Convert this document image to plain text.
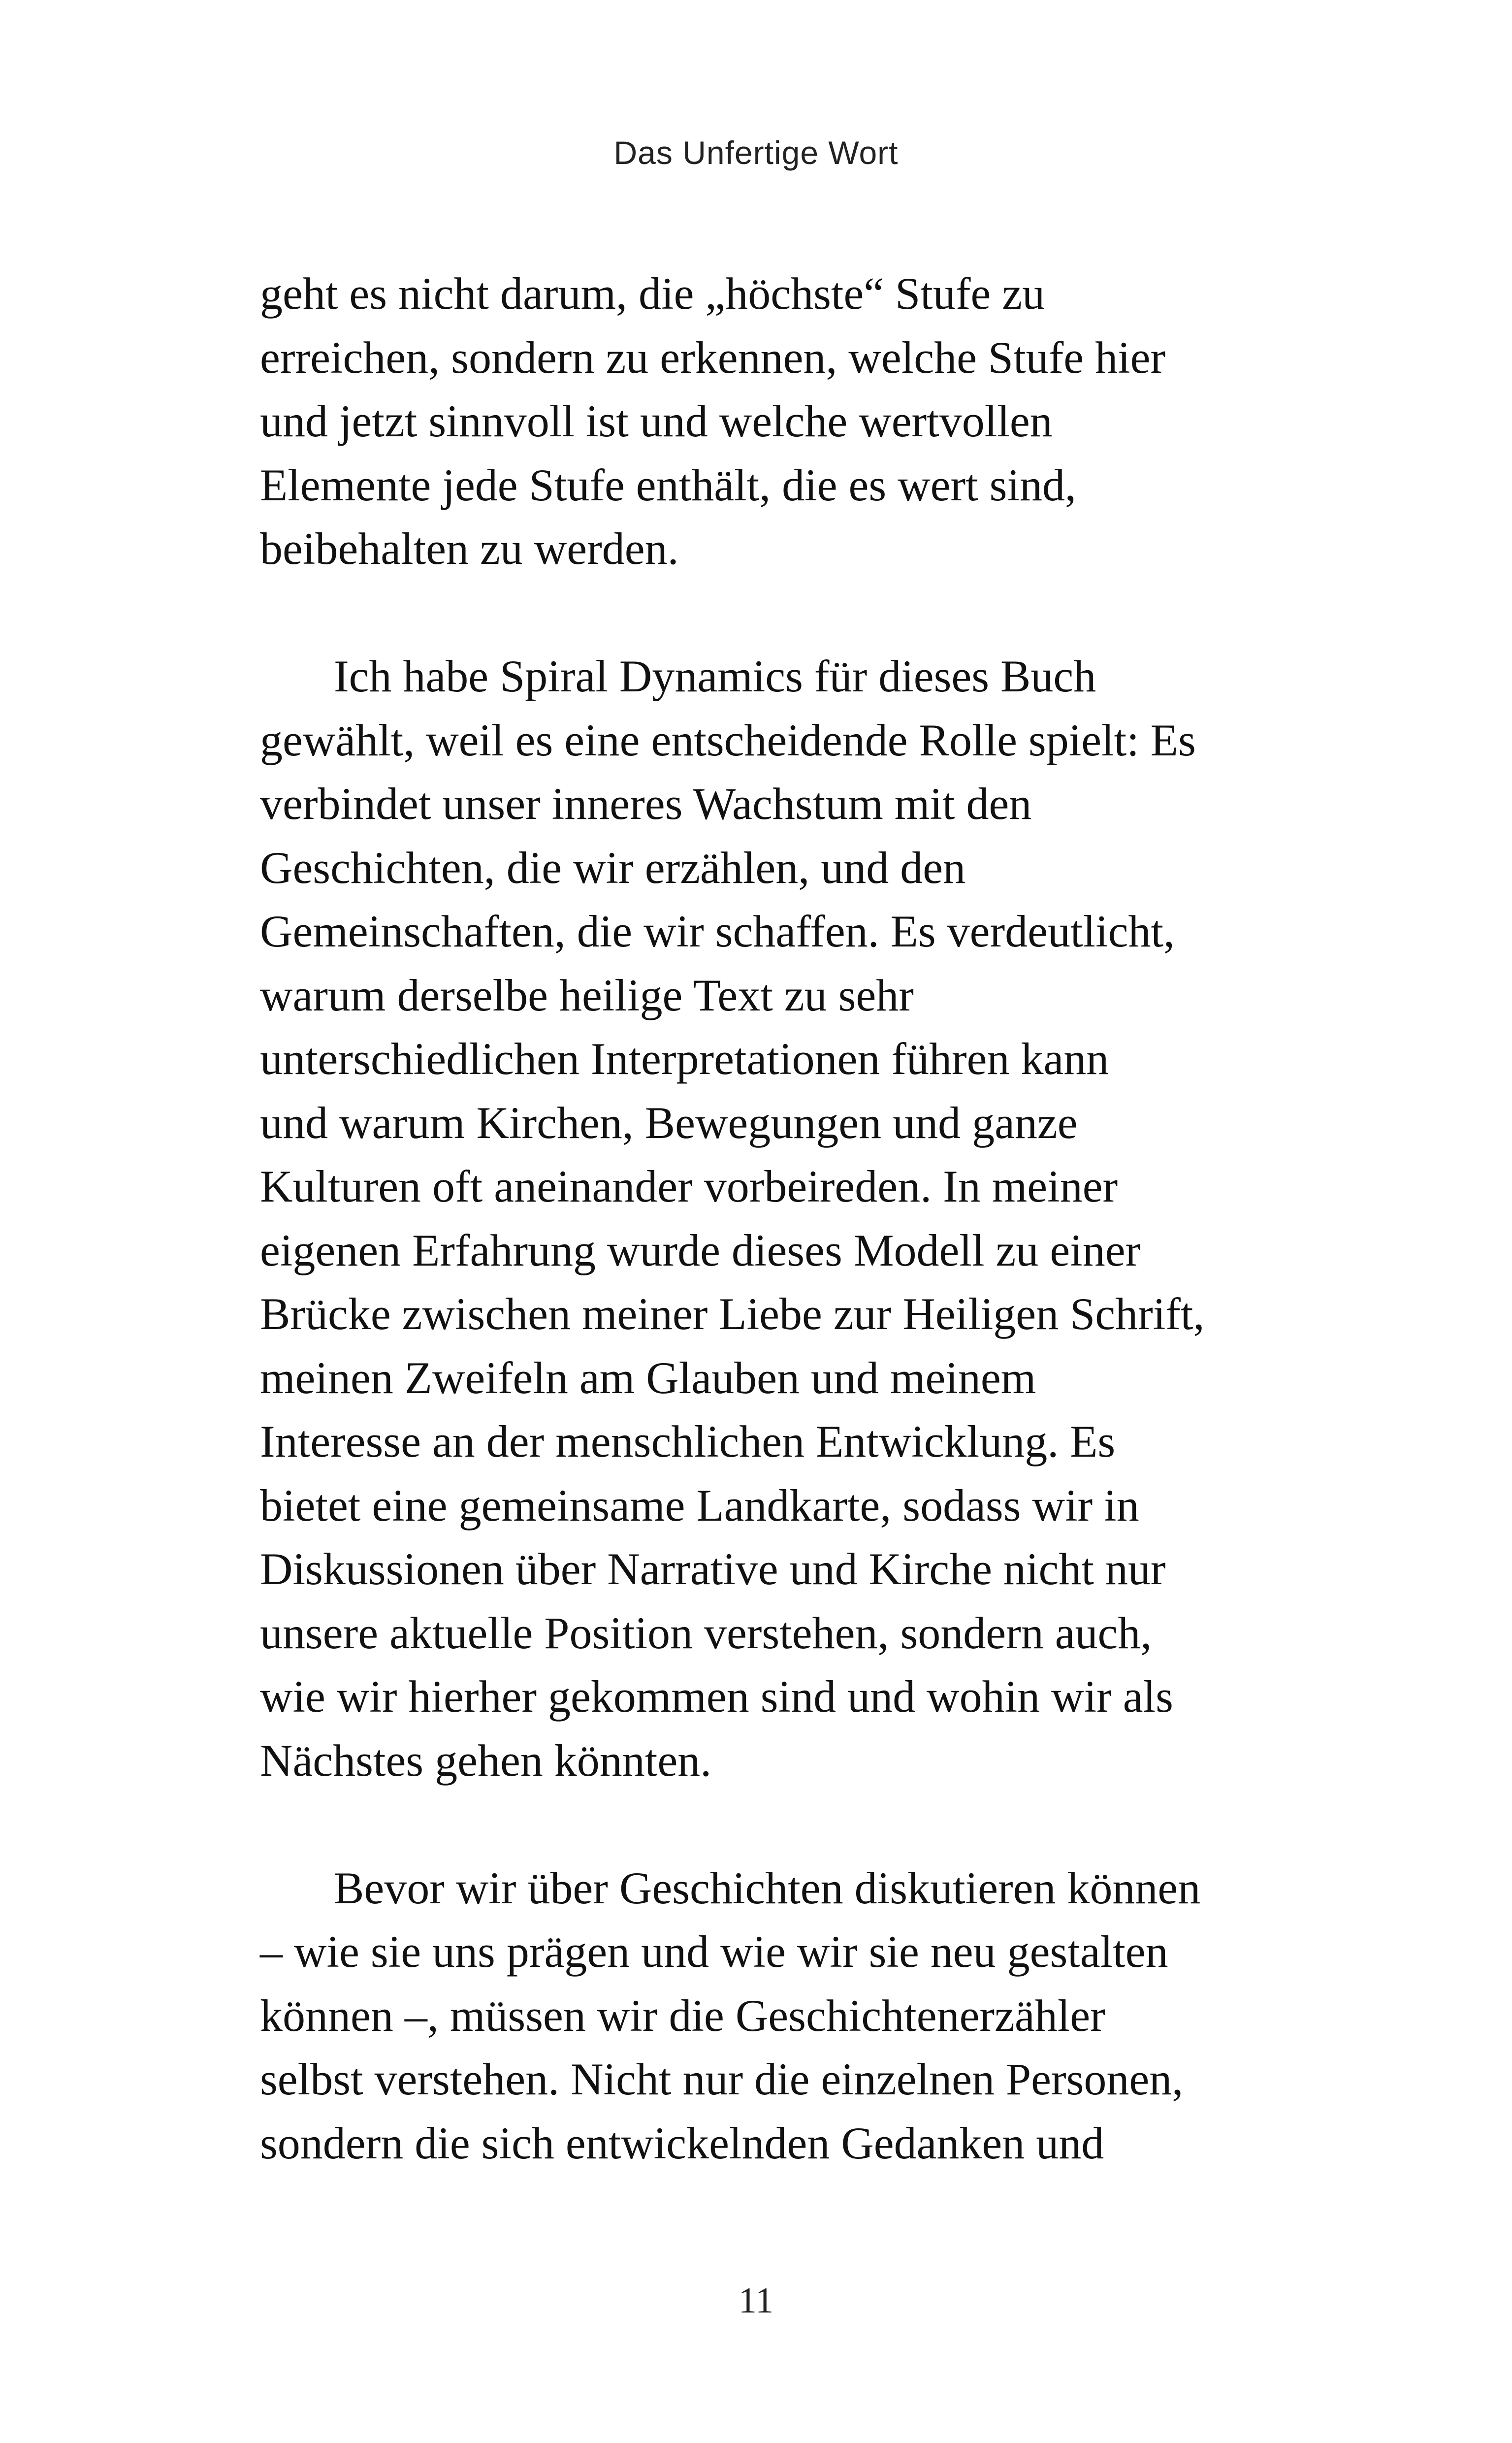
Das Unfertige Wort
geht es nicht darum, die „höchste“ Stufe zu
erreichen, sondern zu erkennen, welche Stufe hier
und jetzt sinnvoll ist und welche wertvollen
Elemente jede Stufe enthält, die es wert sind,
beibehalten zu werden.
Ich habe Spiral Dynamics für dieses Buch
gewählt, weil es eine entscheidende Rolle spielt: Es
verbindet unser inneres Wachstum mit den
Geschichten, die wir erzählen, und den
Gemeinschaften, die wir schaffen. Es verdeutlicht,
warum derselbe heilige Text zu sehr
unterschiedlichen Interpretationen führen kann
und warum Kirchen, Bewegungen und ganze
Kulturen oft aneinander vorbeireden. In meiner
eigenen Erfahrung wurde dieses Modell zu einer
Brücke zwischen meiner Liebe zur Heiligen Schrift,
meinen Zweifeln am Glauben und meinem
Interesse an der menschlichen Entwicklung. Es
bietet eine gemeinsame Landkarte, sodass wir in
Diskussionen über Narrative und Kirche nicht nur
unsere aktuelle Position verstehen, sondern auch,
wie wir hierher gekommen sind und wohin wir als
Nächstes gehen könnten.
Bevor wir über Geschichten diskutieren können
– wie sie uns prägen und wie wir sie neu gestalten
können –, müssen wir die Geschichtenerzähler
selbst verstehen. Nicht nur die einzelnen Personen,
sondern die sich entwickelnden Gedanken und
11
